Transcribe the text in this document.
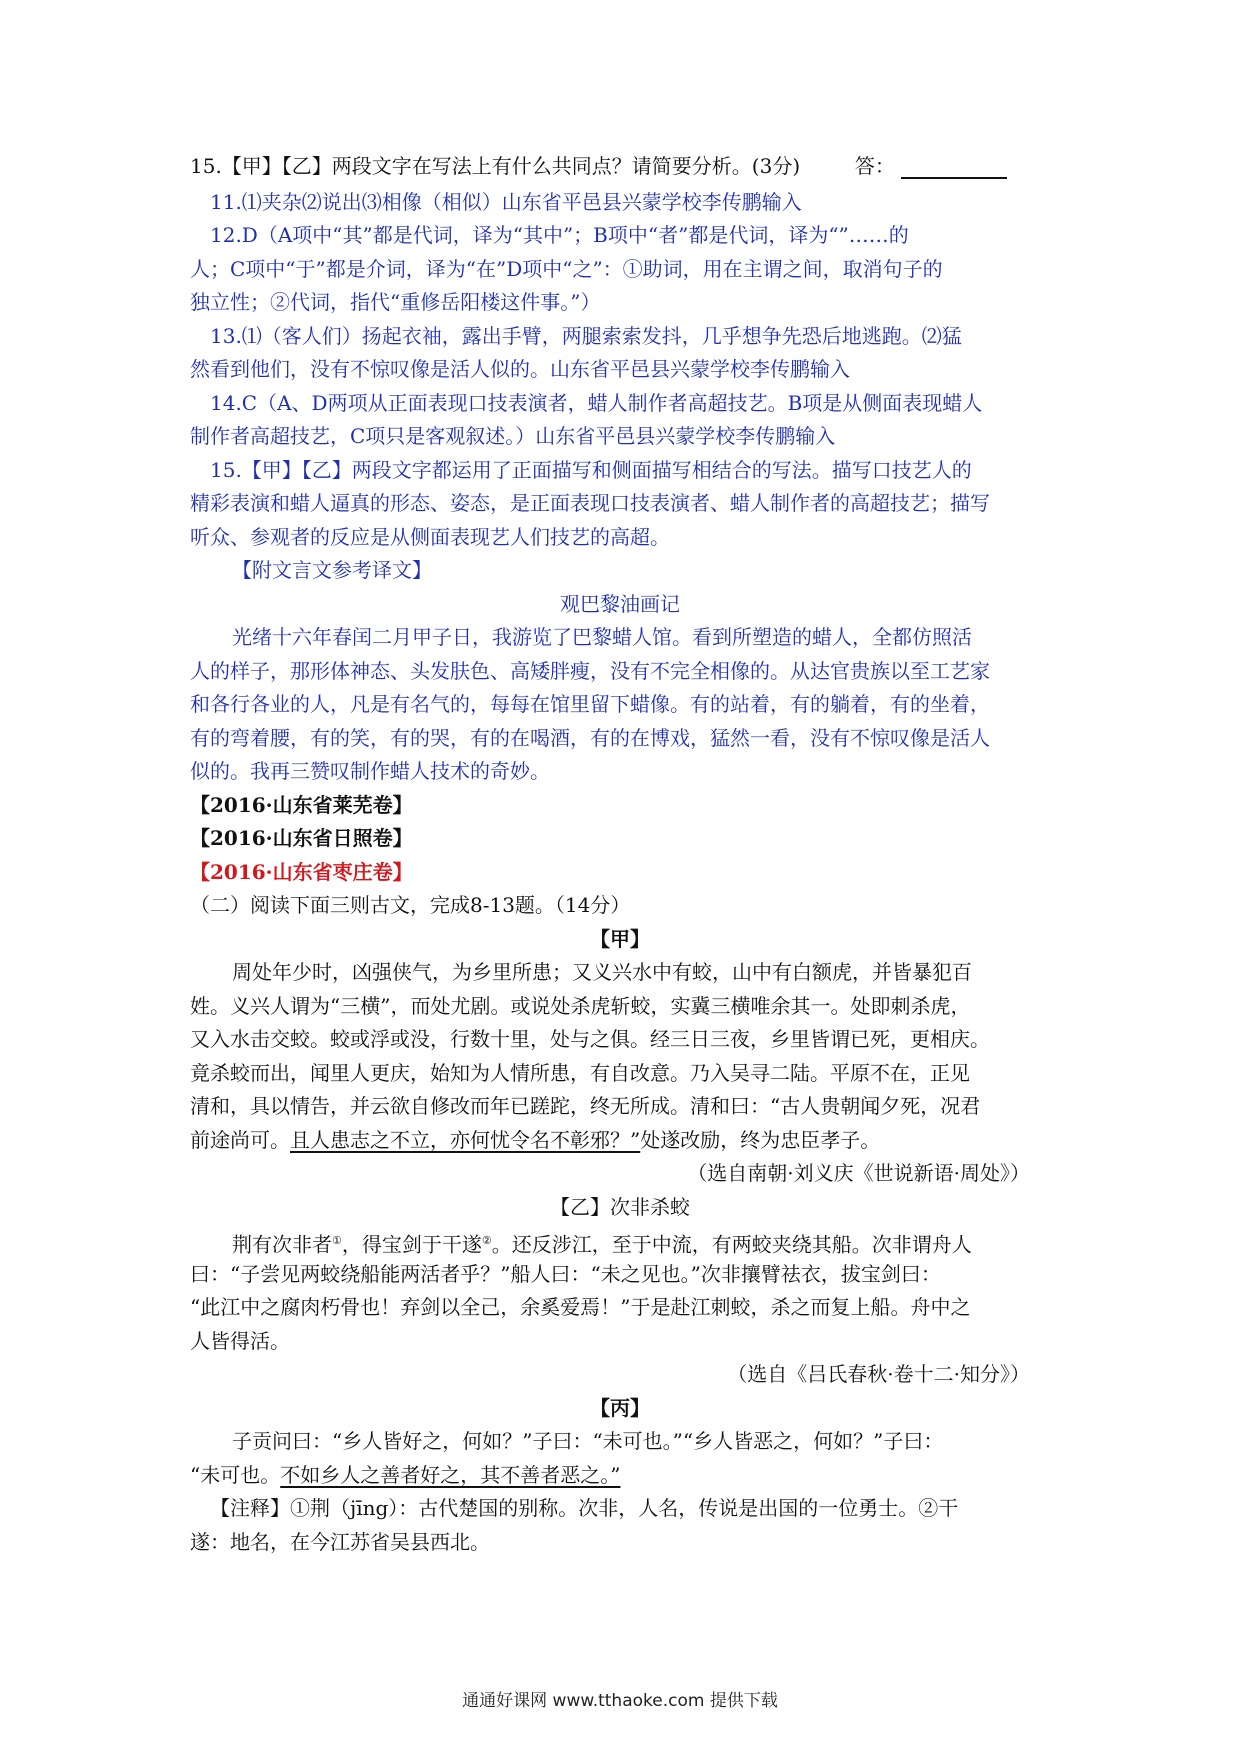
15.【甲】【乙】两段文字在写法上有什么共同点？请简要分析。(3分)	答：
11.⑴夹杂⑵说出⑶相像（相似）山东省平邑县兴蒙学校李传鹏输入
12.D（A项中“其”都是代词，译为“其中”；B项中“者”都是代词，译为“”……的
人；C项中“于”都是介词，译为“在”D项中“之”：①助词，用在主谓之间，取消句子的
独立性；②代词，指代“重修岳阳楼这件事。”）
13.⑴（客人们）扬起衣袖，露出手臂，两腿索索发抖，几乎想争先恐后地逃跑。⑵猛
然看到他们，没有不惊叹像是活人似的。山东省平邑县兴蒙学校李传鹏输入
14.C（A、D两项从正面表现口技表演者，蜡人制作者高超技艺。B项是从侧面表现蜡人
制作者高超技艺，C项只是客观叙述。）山东省平邑县兴蒙学校李传鹏输入
15.【甲】【乙】两段文字都运用了正面描写和侧面描写相结合的写法。描写口技艺人的
精彩表演和蜡人逼真的形态、姿态，是正面表现口技表演者、蜡人制作者的高超技艺；描写
听众、参观者的反应是从侧面表现艺人们技艺的高超。
【附文言文参考译文】
观巴黎油画记
光绪十六年春闰二月甲子日，我游览了巴黎蜡人馆。看到所塑造的蜡人，全都仿照活
人的样子，那形体神态、头发肤色、高矮胖瘦，没有不完全相像的。从达官贵族以至工艺家
和各行各业的人，凡是有名气的，每每在馆里留下蜡像。有的站着，有的躺着，有的坐着，
有的弯着腰，有的笑，有的哭，有的在喝酒，有的在博戏，猛然一看，没有不惊叹像是活人
似的。我再三赞叹制作蜡人技术的奇妙。
【2016·山东省莱芜卷】
【2016·山东省日照卷】
【2016·山东省枣庄卷】
（二）阅读下面三则古文，完成8-13题。（14分）
【甲】
周处年少时，凶强侠气，为乡里所患；又义兴水中有蛟，山中有白额虎，并皆暴犯百
姓。义兴人谓为“三横”，而处尤剧。或说处杀虎斩蛟，实冀三横唯余其一。处即刺杀虎，
又入水击交蛟。蛟或浮或没，行数十里，处与之俱。经三日三夜，乡里皆谓已死，更相庆。
竟杀蛟而出，闻里人更庆，始知为人情所患，有自改意。乃入吴寻二陆。平原不在，正见
清和，具以情告，并云欲自修改而年已蹉跎，终无所成。清和曰：“古人贵朝闻夕死，况君
前途尚可。且人患志之不立，亦何忧令名不彰邪？”处遂改励，终为忠臣孝子。
（选自南朝·刘义庆《世说新语·周处》）
【乙】次非杀蛟
荆有次非者①，得宝剑于干遂②。还反涉江，至于中流，有两蛟夹绕其船。次非谓舟人
曰：“子尝见两蛟绕船能两活者乎？”船人曰：“未之见也。”次非攘臂祛衣，拔宝剑曰：
“此江中之腐肉朽骨也！弃剑以全己，余奚爱焉！”于是赴江刺蛟，杀之而复上船。舟中之
人皆得活。
（选自《吕氏春秋·卷十二·知分》）
【丙】
子贡问曰：“乡人皆好之，何如？”子曰：“未可也。”“乡人皆恶之，何如？”子曰：
“未可也。不如乡人之善者好之，其不善者恶之。”
【注释】①荆（jīng）：古代楚国的别称。次非，人名，传说是出国的一位勇士。②干
遂：地名，在今江苏省吴县西北。
通通好课网 www.tthaoke.com 提供下载
